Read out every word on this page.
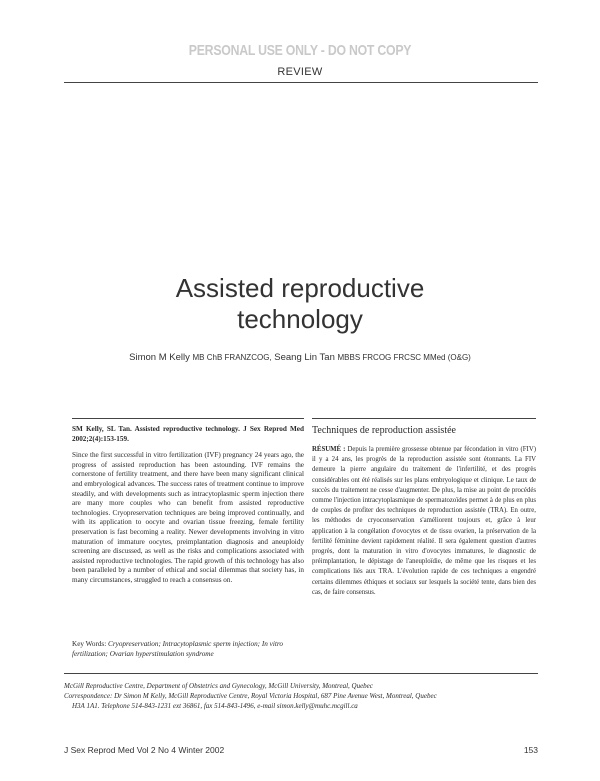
PERSONAL USE ONLY - DO NOT COPY
REVIEW
Assisted reproductive
technology
Simon M Kelly MB ChB FRANZCOG, Seang Lin Tan MBBS FRCOG FRCSC MMed (O&G)

SM Kelly, SL Tan. Assisted reproductive technology. J Sex Reprod Med 2002;2(4):153-159.

Since the first successful in vitro fertilization (IVF) pregnancy 24 years ago, the progress of assisted reproduction has been astounding. IVF remains the cornerstone of fertility treatment, and there have been many significant clinical and embryological advances. The success rates of treatment continue to improve steadily, and with developments such as intracytoplasmic sperm injection there are many more couples who can benefit from assisted reproductive technologies. Cryopreservation techniques are being improved continually, and with its application to oocyte and ovarian tissue freezing, female fertility preservation is fast becoming a reality. Newer developments involving in vitro maturation of immature oocytes, preimplantation diagnosis and aneuploidy screening are discussed, as well as the risks and complications associated with assisted reproductive technologies. The rapid growth of this technology has also been paralleled by a number of ethical and social dilemmas that society has, in many circumstances, struggled to reach a consensus on.

Key Words: Cryopreservation; Intracytoplasmic sperm injection; In vitro fertilization; Ovarian hyperstimulation syndrome
Techniques de reproduction assistée

RÉSUMÉ : Depuis la première grossesse obtenue par fécondation in vitro (FIV) il y a 24 ans, les progrès de la reproduction assistée sont étonnants. La FIV demeure la pierre angulaire du traitement de l'infertilité, et des progrès considérables ont été réalisés sur les plans embryologique et clinique. Le taux de succès du traitement ne cesse d'augmenter. De plus, la mise au point de procédés comme l'injection intracytoplasmique de spermatozoïdes permet à de plus en plus de couples de profiter des techniques de reproduction assistée (TRA). En outre, les méthodes de cryoconservation s'améliorent toujours et, grâce à leur application à la congélation d'ovocytes et de tissu ovarien, la préservation de la fertilité féminine devient rapidement réalité. Il sera également question d'autres progrès, dont la maturation in vitro d'ovocytes immatures, le diagnostic de préimplantation, le dépistage de l'aneuploïdie, de même que les risques et les complications liés aux TRA. L'évolution rapide de ces techniques a engendré certains dilemmes éthiques et sociaux sur lesquels la société tente, dans bien des cas, de faire consensus.

McGill Reproductive Centre, Department of Obstetrics and Gynecology, McGill University, Montreal, Quebec

Correspondence: Dr Simon M Kelly, McGill Reproductive Centre, Royal Victoria Hospital, 687 Pine Avenue West, Montreal, Quebec

H3A 1A1. Telephone 514-843-1231 ext 36861, fax 514-843-1496, e-mail simon.kelly@muhc.mcgill.ca

J Sex Reprod Med Vol 2 No 4 Winter 2002	153
